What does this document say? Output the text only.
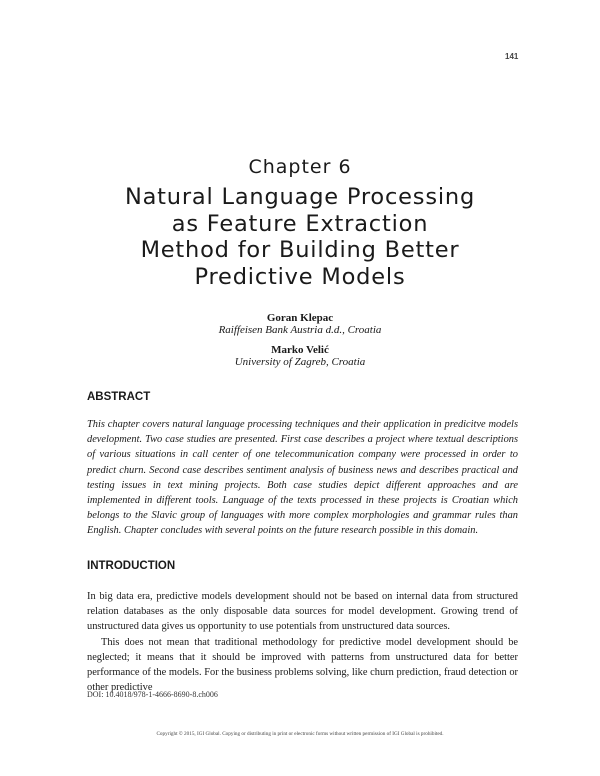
141
Chapter 6
Natural Language Processing
as Feature Extraction
Method for Building Better
Predictive Models
Goran Klepac
Raiffeisen Bank Austria d.d., Croatia
Marko Velić
University of Zagreb, Croatia
ABSTRACT
This chapter covers natural language processing techniques and their application in predicitve models development. Two case studies are presented. First case describes a project where textual descriptions of various situations in call center of one telecommunication company were processed in order to predict churn. Second case describes sentiment analysis of business news and describes practical and testing issues in text mining projects. Both case studies depict different approaches and are implemented in different tools. Language of the texts processed in these projects is Croatian which belongs to the Slavic group of languages with more complex morphologies and grammar rules than English. Chapter concludes with several points on the future research possible in this domain.
INTRODUCTION

In big data era, predictive models development should not be based on internal data from structured relation databases as the only disposable data sources for model development. Growing trend of unstructured data gives us opportunity to use potentials from unstructured data sources.

This does not mean that traditional methodology for predictive model development should be neglected; it means that it should be improved with patterns from unstructured data for better performance of the models. For the business problems solving, like churn prediction, fraud detection or other predictive

DOI: 10.4018/978-1-4666-8690-8.ch006
Copyright © 2015, IGI Global. Copying or distributing in print or electronic forms without written permission of IGI Global is prohibited.
